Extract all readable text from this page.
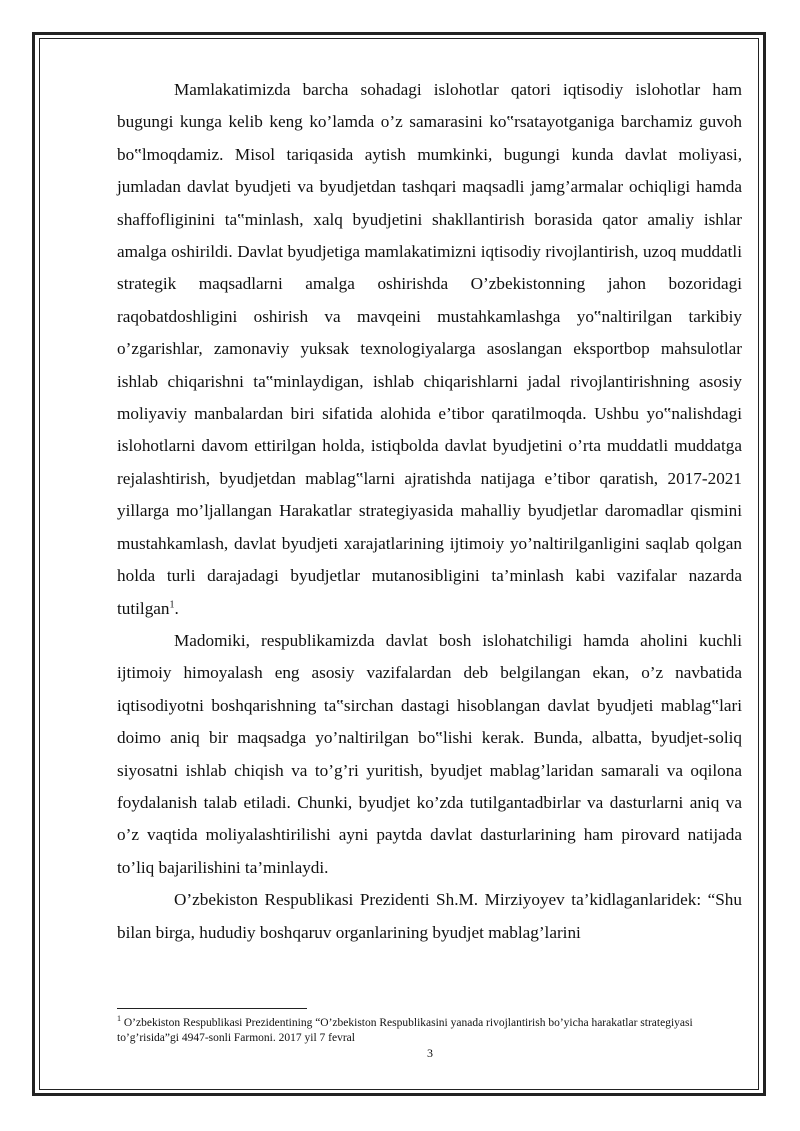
Mamlakatimizda barcha sohadagi islohotlar qatori iqtisodiy islohotlar ham bugungi kunga kelib keng ko’lamda o’z samarasini ko‟rsatayotganiga barchamiz guvoh bo‟lmoqdamiz. Misol tariqasida aytish mumkinki, bugungi kunda davlat moliyasi, jumladan davlat byudjeti va byudjetdan tashqari maqsadli jamg’armalar ochiqligi hamda shaffofliginini ta‟minlash, xalq byudjetini shakllantirish borasida qator amaliy ishlar amalga oshirildi. Davlat byudjetiga mamlakatimizni iqtisodiy rivojlantirish, uzoq muddatli strategik maqsadlarni amalga oshirishda O’zbekistonning jahon bozoridagi raqobatdoshligini oshirish va mavqeini mustahkamlashga yo‟naltirilgan tarkibiy o’zgarishlar, zamonaviy yuksak texnologiyalarga asoslangan eksportbop mahsulotlar ishlab chiqarishni ta‟minlaydigan, ishlab chiqarishlarni jadal rivojlantirishning asosiy moliyaviy manbalardan biri sifatida alohida e’tibor qaratilmoqda. Ushbu yo‟nalishdagi islohotlarni davom ettirilgan holda, istiqbolda davlat byudjetini o’rta muddatli muddatga rejalashtirish, byudjetdan mablag‟larni ajratishda natijaga e’tibor qaratish, 2017-2021 yillarga mo’ljallangan Harakatlar strategiyasida mahalliy byudjetlar daromadlar qismini mustahkamlash, davlat byudjeti xarajatlarining ijtimoiy yo’naltirilganligini saqlab qolgan holda turli darajadagi byudjetlar mutanosibligini ta’minlash kabi vazifalar nazarda tutilgan$^1$.

Madomiki, respublikamizda davlat bosh islohatchiligi hamda aholini kuchli ijtimoiy himoyalash eng asosiy vazifalardan deb belgilangan ekan, o’z navbatida iqtisodiyotni boshqarishning ta‟sirchan dastagi hisoblangan davlat byudjeti mablag‟lari doimo aniq bir maqsadga yo’naltirilgan bo‟lishi kerak. Bunda, albatta, byudjet-soliq siyosatni ishlab chiqish va to’g’ri yuritish, byudjet mablag’laridan samarali va oqilona foydalanish talab etiladi. Chunki, byudjet ko’zda tutilgantadbirlar va dasturlarni aniq va o’z vaqtida moliyalashtirilishi ayni paytda davlat dasturlarining ham pirovard natijada to’liq bajarilishini ta’minlaydi.

O’zbekiston Respublikasi Prezidenti Sh.M. Mirziyoyev ta’kidlaganlaridek: “Shu bilan birga, hududiy boshqaruv organlarining byudjet mablag’larini

$^1$ O’zbekiston Respublikasi Prezidentining “O’zbekiston Respublikasini yanada rivojlantirish bo’yicha harakatlar strategiyasi to’g’risida”gi 4947-sonli Farmoni. 2017 yil 7 fevral

3
